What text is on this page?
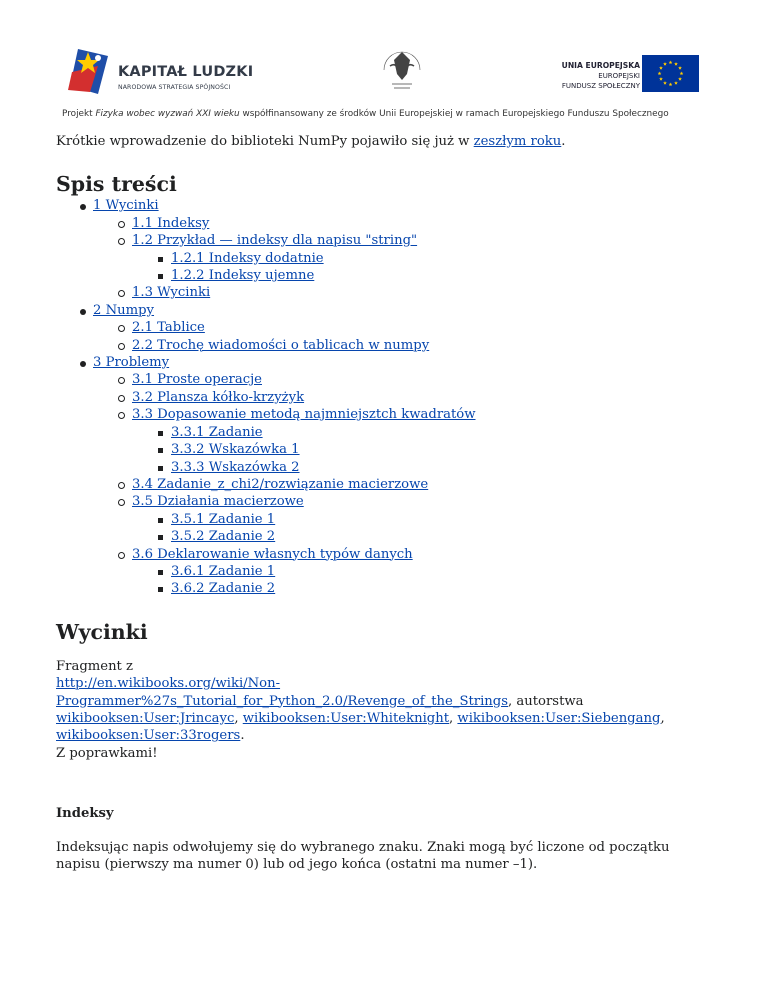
KAPITAŁ LUDZKI
NARODOWA STRATEGIA SPÓJNOŚCI
UNIA EUROPEJSKA
EUROPEJSKI
FUNDUSZ SPOŁECZNY
Projekt Fizyka wobec wyzwań XXI wieku współfinansowany ze środków Unii Europejskiej w ramach Europejskiego Funduszu Społecznego

Krótkie wprowadzenie do biblioteki NumPy pojawiło się już w zeszłym roku.

Spis treści
1 Wycinki
1.1 Indeksy
1.2 Przykład — indeksy dla napisu "string"
1.2.1 Indeksy dodatnie
1.2.2 Indeksy ujemne
1.3 Wycinki
2 Numpy
2.1 Tablice
2.2 Trochę wiadomości o tablicach w numpy
3 Problemy
3.1 Proste operacje
3.2 Plansza kółko-krzyżyk
3.3 Dopasowanie metodą najmniejsztch kwadratów
3.3.1 Zadanie
3.3.2 Wskazówka 1
3.3.3 Wskazówka 2
3.4 Zadanie_z_chi2/rozwiązanie macierzowe
3.5 Działania macierzowe
3.5.1 Zadanie 1
3.5.2 Zadanie 2
3.6 Deklarowanie własnych typów danych
3.6.1 Zadanie 1
3.6.2 Zadanie 2
Wycinki

Fragment z
http://en.wikibooks.org/wiki/Non-
Programmer%27s_Tutorial_for_Python_2.0/Revenge_of_the_Strings, autorstwa
wikibooksen:User:Jrincayc, wikibooksen:User:Whiteknight, wikibooksen:User:Siebengang,
wikibooksen:User:33rogers.
Z poprawkami!

Indeksy

Indeksując napis odwołujemy się do wybranego znaku. Znaki mogą być liczone od początku napisu (pierwszy ma numer 0) lub od jego końca (ostatni ma numer –1).
